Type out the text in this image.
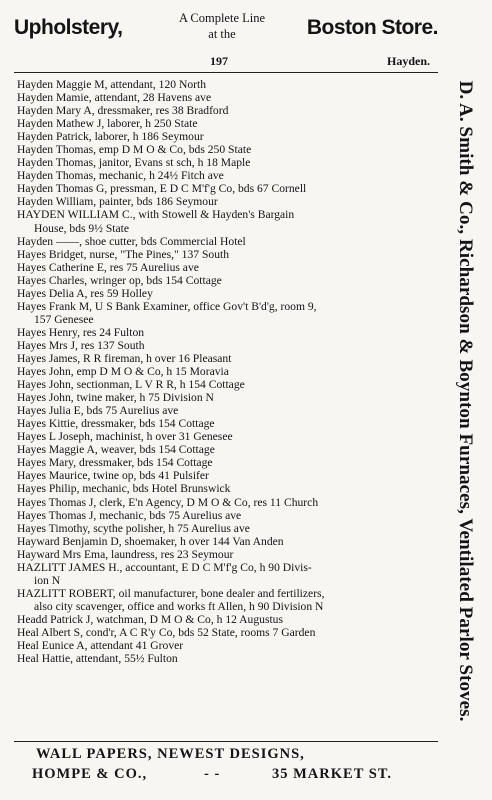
Upholstery,	A Complete Line
at the	Boston Store.
197	Hayden.
Hayden Maggie M, attendant, 120 North
Hayden Mamie, attendant, 28 Havens ave
Hayden Mary A, dressmaker, res 38 Bradford
Hayden Mathew J, laborer, h 250 State
Hayden Patrick, laborer, h 186 Seymour
Hayden Thomas, emp D M O & Co, bds 250 State
Hayden Thomas, janitor, Evans st sch, h 18 Maple
Hayden Thomas, mechanic, h 24½ Fitch ave
Hayden Thomas G, pressman, E D C M'f'g Co, bds 67 Cornell
Hayden William, painter, bds 186 Seymour
HAYDEN WILLIAM C., with Stowell & Hayden's Bargain
House, bds 9½ State
Hayden ——, shoe cutter, bds Commercial Hotel
Hayes Bridget, nurse, "The Pines," 137 South
Hayes Catherine E, res 75 Aurelius ave
Hayes Charles, wringer op, bds 154 Cottage
Hayes Delia A, res 59 Holley
Hayes Frank M, U S Bank Examiner, office Gov't B'd'g, room 9,
157 Genesee
Hayes Henry, res 24 Fulton
Hayes Mrs J, res 137 South
Hayes James, R R fireman, h over 16 Pleasant
Hayes John, emp D M O & Co, h 15 Moravia
Hayes John, sectionman, L V R R, h 154 Cottage
Hayes John, twine maker, h 75 Division N
Hayes Julia E, bds 75 Aurelius ave
Hayes Kittie, dressmaker, bds 154 Cottage
Hayes L Joseph, machinist, h over 31 Genesee
Hayes Maggie A, weaver, bds 154 Cottage
Hayes Mary, dressmaker, bds 154 Cottage
Hayes Maurice, twine op, bds 41 Pulsifer
Hayes Philip, mechanic, bds Hotel Brunswick
Hayes Thomas J, clerk, E'n Agency, D M O & Co, res 11 Church
Hayes Thomas J, mechanic, bds 75 Aurelius ave
Hayes Timothy, scythe polisher, h 75 Aurelius ave
Hayward Benjamin D, shoemaker, h over 144 Van Anden
Hayward Mrs Ema, laundress, res 23 Seymour
HAZLITT JAMES H., accountant, E D C M'f'g Co, h 90 Divis-
ion N
HAZLITT ROBERT, oil manufacturer, bone dealer and fertilizers,
also city scavenger, office and works ft Allen, h 90 Division N
Headd Patrick J, watchman, D M O & Co, h 12 Augustus
Heal Albert S, cond'r, A C R'y Co, bds 52 State, rooms 7 Garden
Heal Eunice A, attendant 41 Grover
Heal Hattie, attendant, 55½ Fulton	D. A. Smith & Co., Richardson & Boynton Furnaces, Ventilated Parlor Stoves.
WALL PAPERS, NEWEST DESIGNS,
HOMPE & CO.,	- -	35 MARKET ST.
